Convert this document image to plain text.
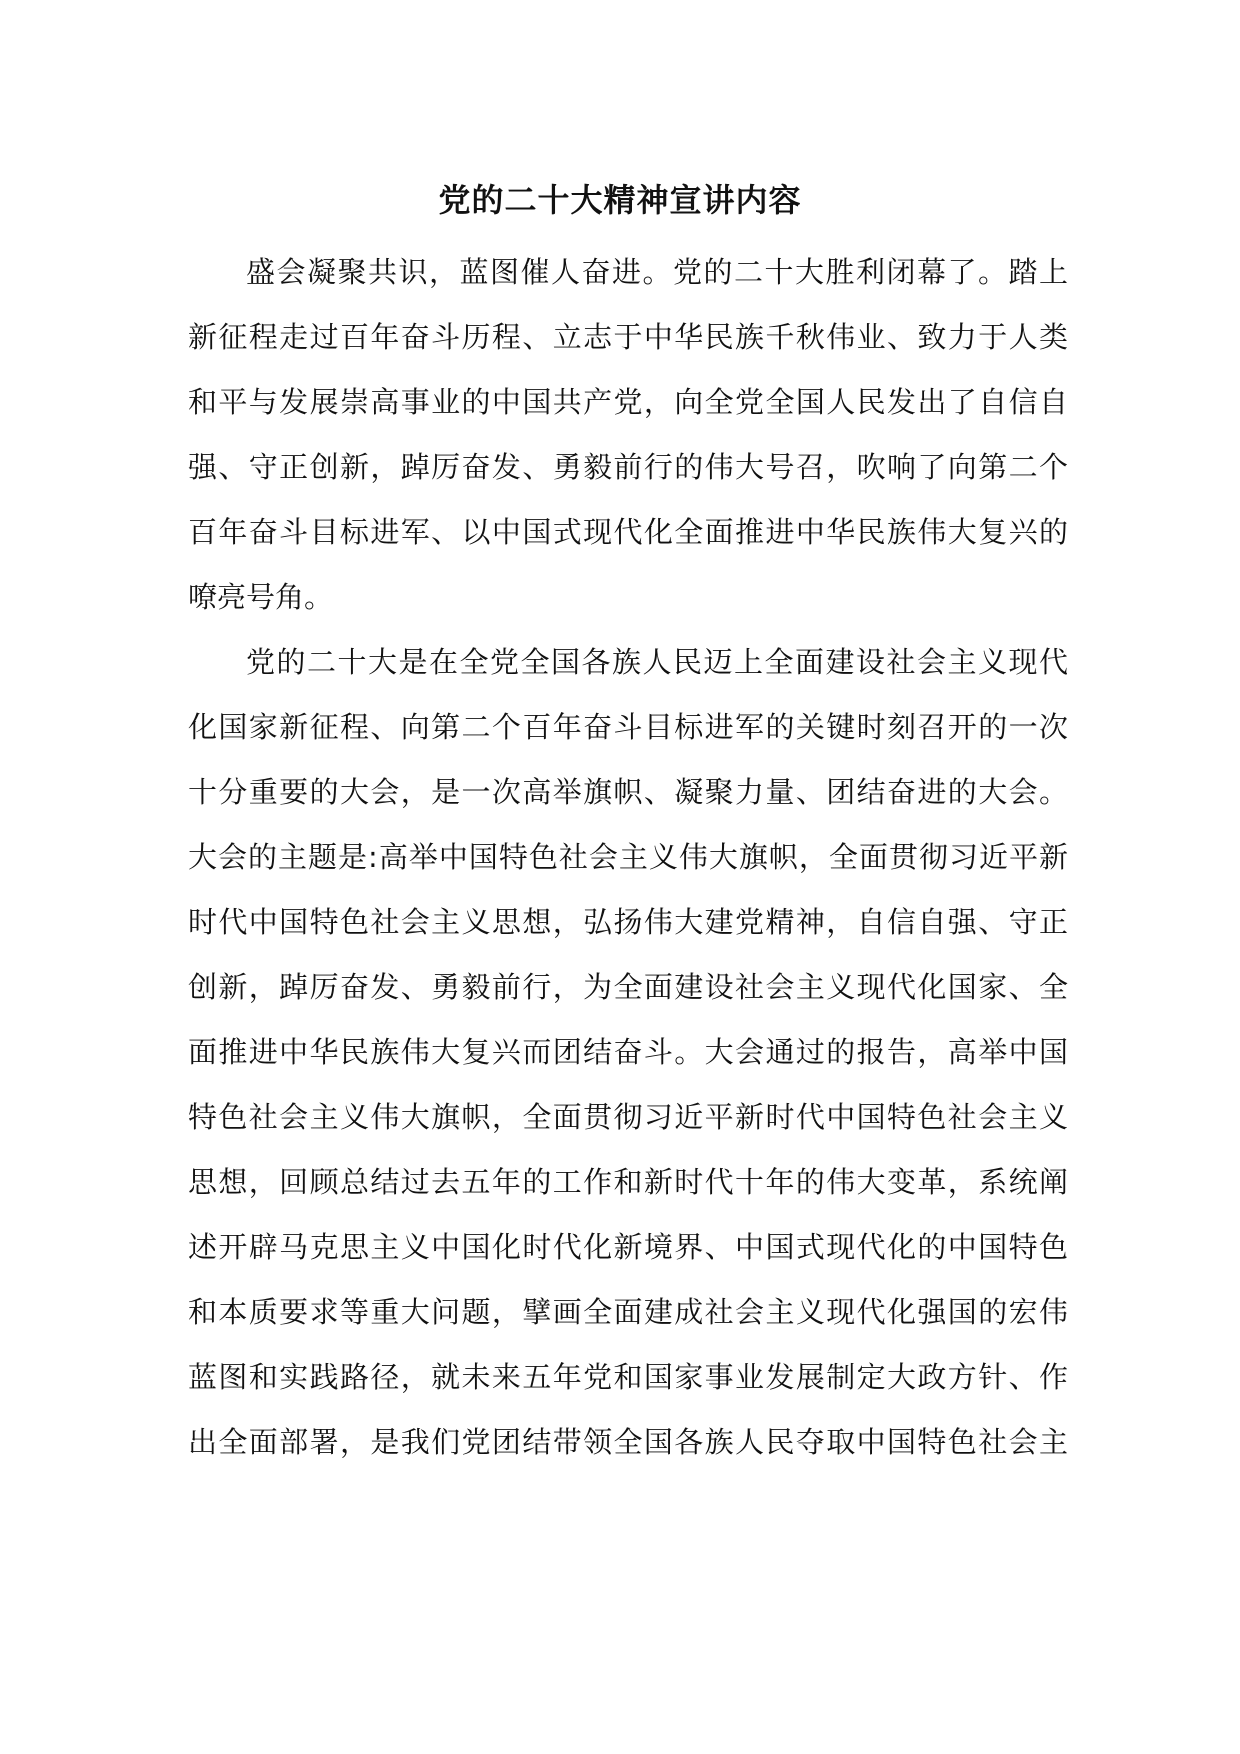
党的二十大精神宣讲内容
盛会凝聚共识，蓝图催人奋进。党的二十大胜利闭幕了。踏上
新征程走过百年奋斗历程、立志于中华民族千秋伟业、致力于人类
和平与发展崇高事业的中国共产党，向全党全国人民发出了自信自
强、守正创新，踔厉奋发、勇毅前行的伟大号召，吹响了向第二个
百年奋斗目标进军、以中国式现代化全面推进中华民族伟大复兴的
嘹亮号角。
党的二十大是在全党全国各族人民迈上全面建设社会主义现代
化国家新征程、向第二个百年奋斗目标进军的关键时刻召开的一次
十分重要的大会，是一次高举旗帜、凝聚力量、团结奋进的大会。
大会的主题是:高举中国特色社会主义伟大旗帜，全面贯彻习近平新
时代中国特色社会主义思想，弘扬伟大建党精神，自信自强、守正
创新，踔厉奋发、勇毅前行，为全面建设社会主义现代化国家、全
面推进中华民族伟大复兴而团结奋斗。大会通过的报告，高举中国
特色社会主义伟大旗帜，全面贯彻习近平新时代中国特色社会主义
思想，回顾总结过去五年的工作和新时代十年的伟大变革，系统阐
述开辟马克思主义中国化时代化新境界、中国式现代化的中国特色
和本质要求等重大问题，擘画全面建成社会主义现代化强国的宏伟
蓝图和实践路径，就未来五年党和国家事业发展制定大政方针、作
出全面部署，是我们党团结带领全国各族人民夺取中国特色社会主
